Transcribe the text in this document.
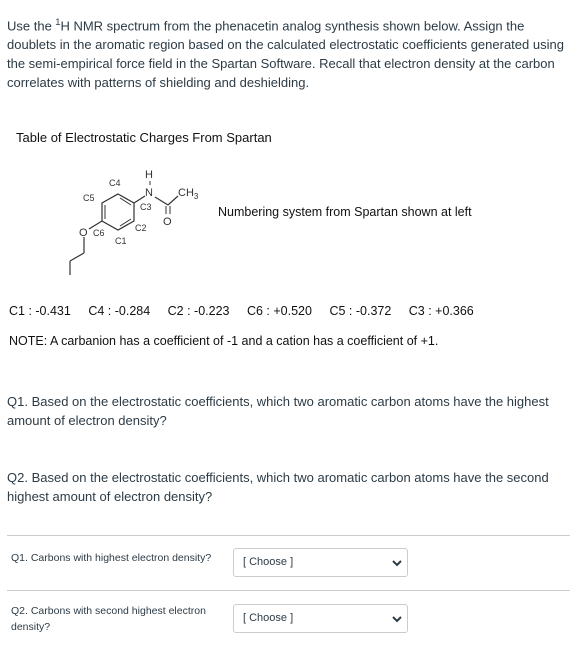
Use the $^1$H NMR spectrum from the phenacetin analog synthesis shown below. Assign the doublets in the aromatic region based on the calculated electrostatic coefficients generated using the semi-empirical force field in the Spartan Software. Recall that electron density at the carbon correlates with patterns of shielding and deshielding.
Table of Electrostatic Charges From Spartan
C4
C5
C3
C2
C6
C1
O
O
N
H
$CH_3$
Numbering system from Spartan shown at left
C1 : -0.431 C4 : -0.284 C2 : -0.223 C6 : +0.520 C5 : -0.372 C3 : +0.366
NOTE: A carbanion has a coefficient of -1 and a cation has a coefficient of +1.
Q1. Based on the electrostatic coefficients, which two aromatic carbon atoms have the highest amount of electron density?
Q2. Based on the electrostatic coefficients, which two aromatic carbon atoms have the second highest amount of electron density?
Q1. Carbons with highest electron density?	[ Choose ]
Q2. Carbons with second highest electron density?
[ Choose ]
